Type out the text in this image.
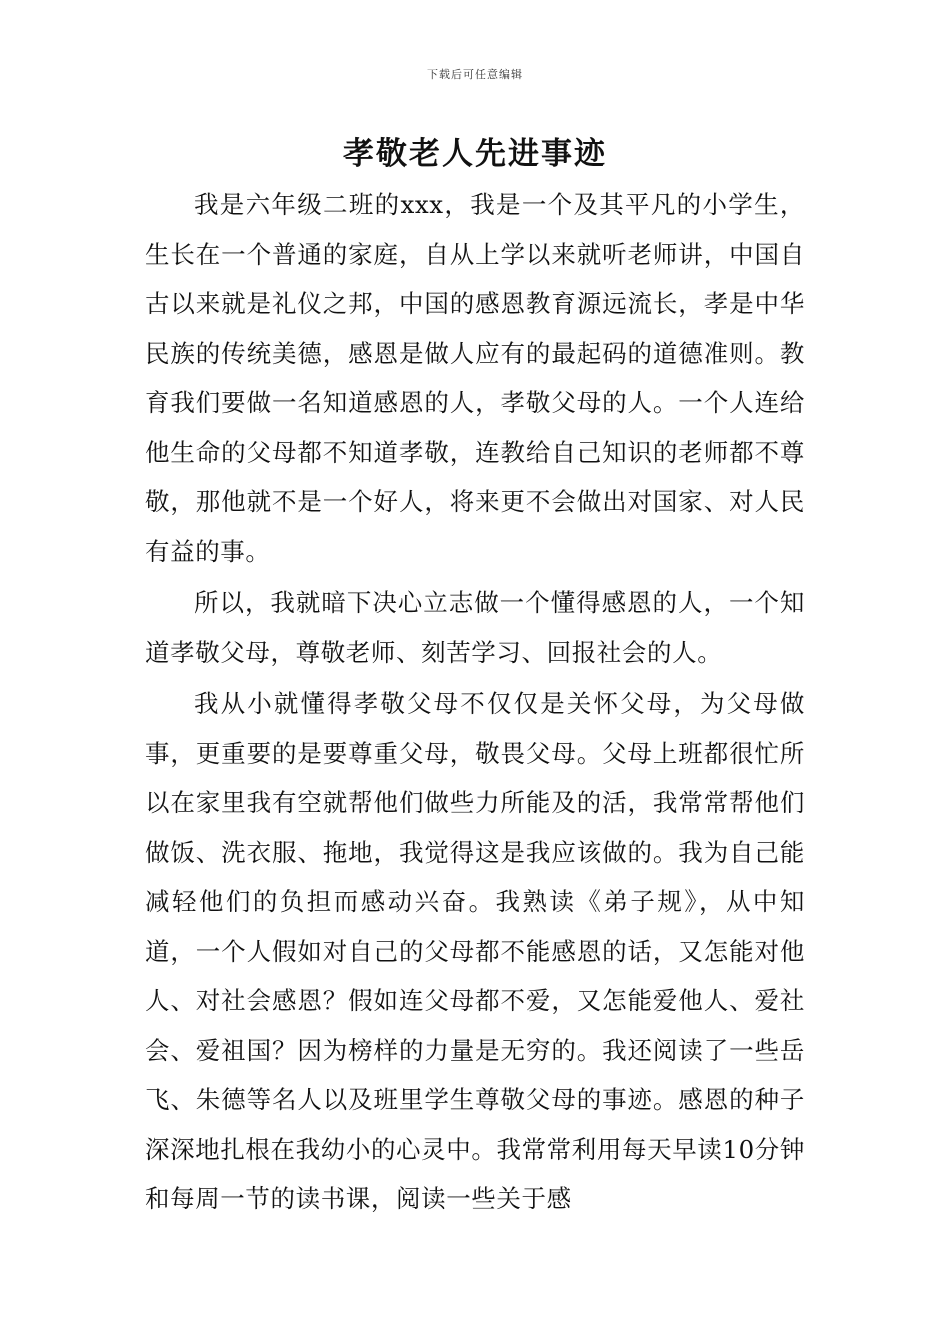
下载后可任意编辑
孝敬老人先进事迹

我是六年级二班的xxx，我是一个及其平凡的小学生，生长在一个普通的家庭，自从上学以来就听老师讲，中国自古以来就是礼仪之邦，中国的感恩教育源远流长，孝是中华民族的传统美德，感恩是做人应有的最起码的道德准则。教育我们要做一名知道感恩的人，孝敬父母的人。一个人连给他生命的父母都不知道孝敬，连教给自己知识的老师都不尊敬，那他就不是一个好人，将来更不会做出对国家、对人民有益的事。

所以，我就暗下决心立志做一个懂得感恩的人，一个知道孝敬父母，尊敬老师、刻苦学习、回报社会的人。

我从小就懂得孝敬父母不仅仅是关怀父母，为父母做事，更重要的是要尊重父母，敬畏父母。父母上班都很忙所以在家里我有空就帮他们做些力所能及的活，我常常帮他们做饭、洗衣服、拖地，我觉得这是我应该做的。我为自己能减轻他们的负担而感动兴奋。我熟读《弟子规》，从中知道，一个人假如对自己的父母都不能感恩的话，又怎能对他人、对社会感恩？假如连父母都不爱，又怎能爱他人、爱社会、爱祖国？因为榜样的力量是无穷的。我还阅读了一些岳飞、朱德等名人以及班里学生尊敬父母的事迹。感恩的种子深深地扎根在我幼小的心灵中。我常常利用每天早读10分钟和每周一节的读书课，阅读一些关于感
